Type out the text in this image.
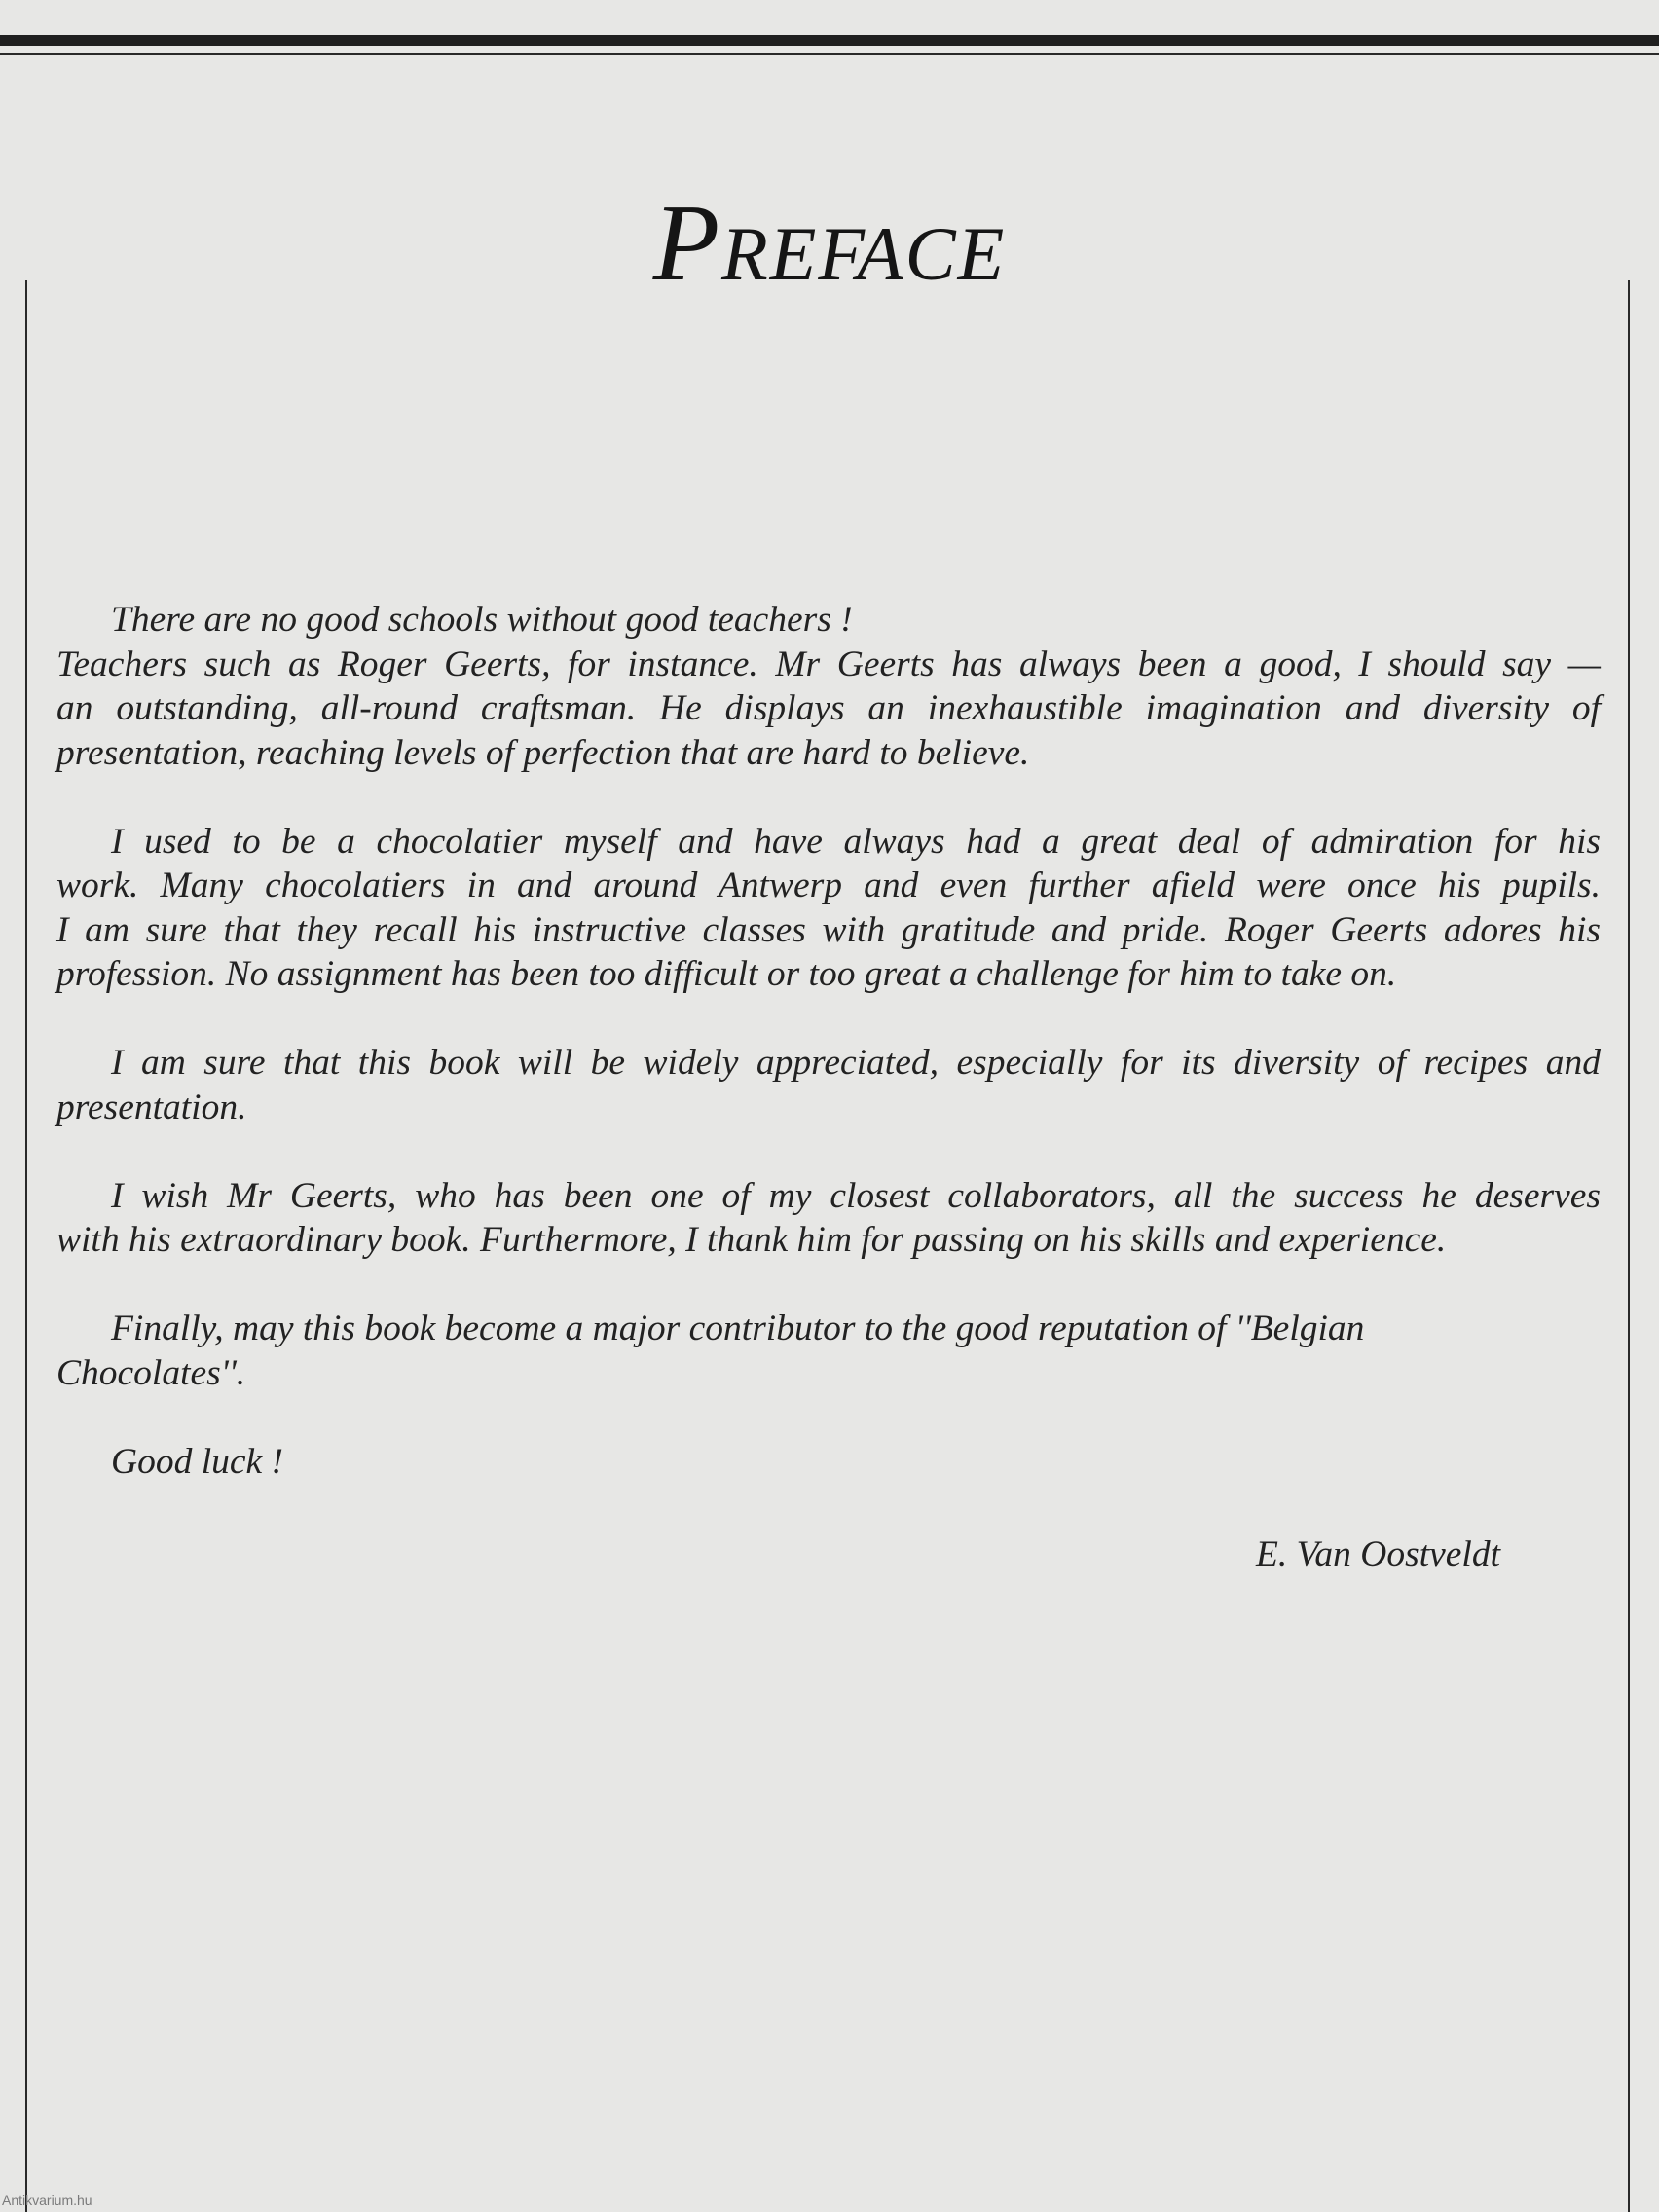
Preface
There are no good schools without good teachers !
Teachers such as Roger Geerts, for instance. Mr Geerts has always been a good, I should say —
an outstanding, all-round craftsman. He displays an inexhaustible imagination and diversity of
presentation, reaching levels of perfection that are hard to believe.
I used to be a chocolatier myself and have always had a great deal of admiration for his
work. Many chocolatiers in and around Antwerp and even further afield were once his pupils.
I am sure that they recall his instructive classes with gratitude and pride. Roger Geerts adores his
profession. No assignment has been too difficult or too great a challenge for him to take on.
I am sure that this book will be widely appreciated, especially for its diversity of recipes and
presentation.
I wish Mr Geerts, who has been one of my closest collaborators, all the success he deserves
with his extraordinary book. Furthermore, I thank him for passing on his skills and experience.
Finally, may this book become a major contributor to the good reputation of ''Belgian
Chocolates''.
Good luck !
E. Van Oostveldt
Antikvarium.hu
